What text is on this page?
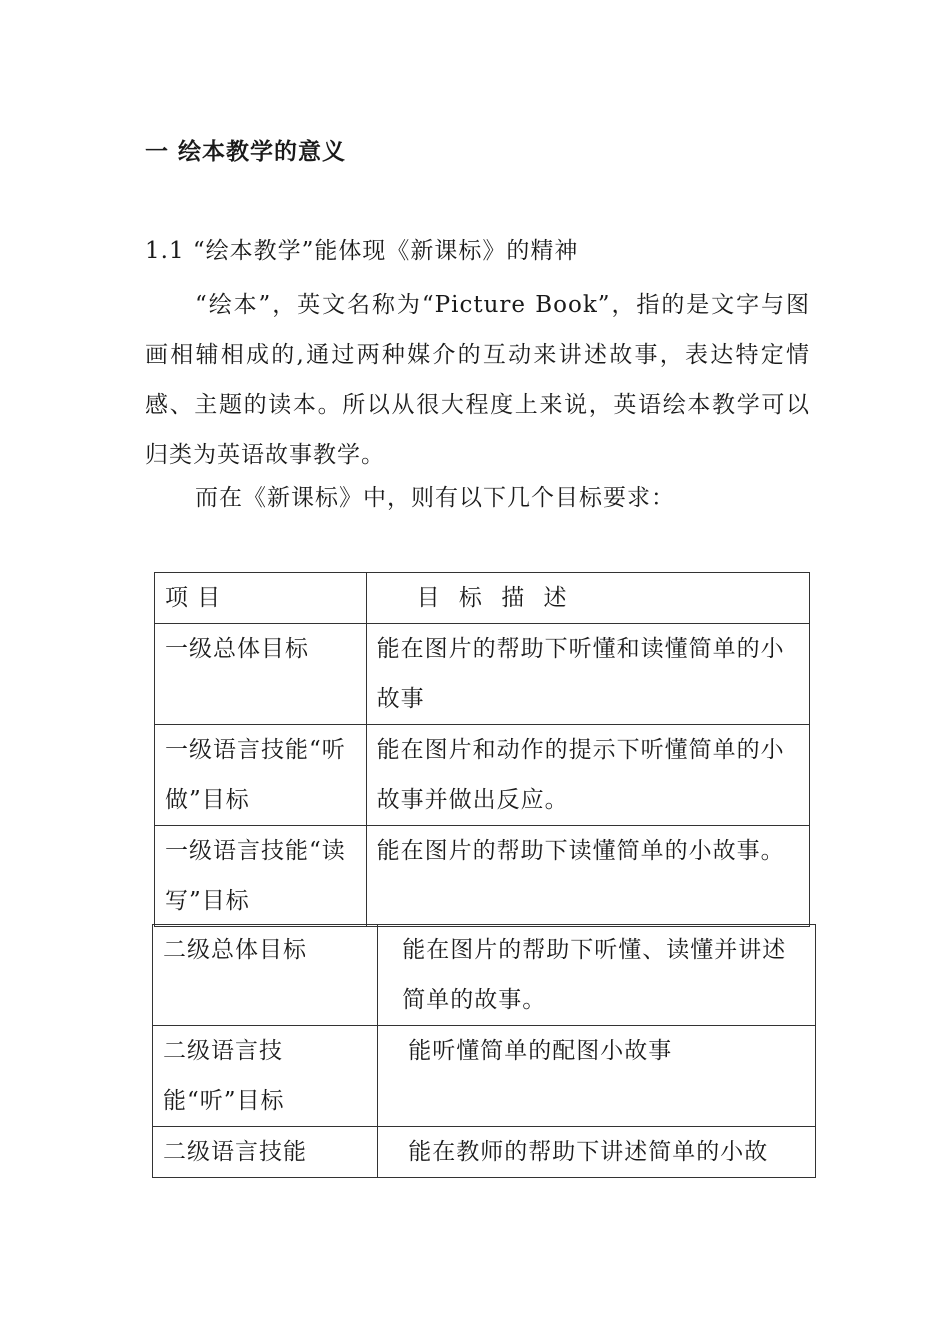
一 绘本教学的意义
1.1 “绘本教学”能体现《新课标》的精神

“绘本”，英文名称为“Picture Book”，指的是文字与图画相辅相成的,通过两种媒介的互动来讲述故事，表达特定情感、主题的读本。所以从很大程度上来说，英语绘本教学可以归类为英语故事教学。

而在《新课标》中，则有以下几个目标要求：

项 目	目 标 描 述
一级总体目标	能在图片的帮助下听懂和读懂简单的小故事
一级语言技能“听做”目标	能在图片和动作的提示下听懂简单的小故事并做出反应。
一级语言技能“读写”目标	能在图片的帮助下读懂简单的小故事。
二级总体目标	能在图片的帮助下听懂、读懂并讲述简单的故事。
二级语言技能“听”目标	能听懂简单的配图小故事
二级语言技能	能在教师的帮助下讲述简单的小故
